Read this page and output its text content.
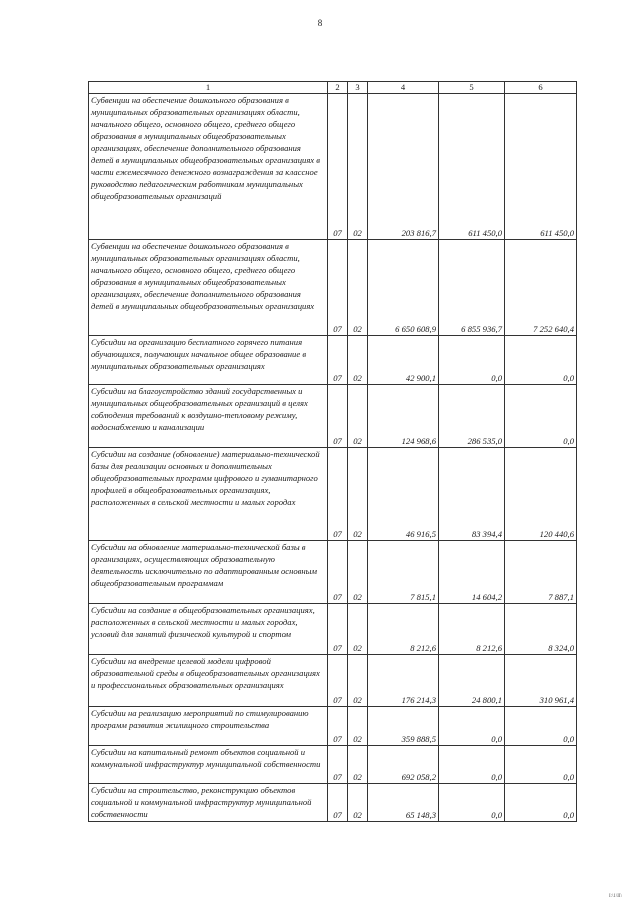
8
1	2	3	4	5	6
Субвенции на обеспечение дошкольного образования в муниципальных образовательных организациях области, начального общего, основного общего, среднего общего образования в муниципальных общеобразовательных организациях, обеспечение дополнительного образования детей в муниципальных общеобразовательных организациях в части ежемесячного денежного вознаграждения за классное руководство педагогическим работникам муниципальных общеобразовательных организаций	07	02	203 816,7	611 450,0	611 450,0
Субвенции на обеспечение дошкольного образования в муниципальных образовательных организациях области, начального общего, основного общего, среднего общего образования в муниципальных общеобразовательных организациях, обеспечение дополнительного образования детей в муниципальных общеобразовательных организациях	07	02	6 650 608,9	6 855 936,7	7 252 640,4
Субсидии на организацию бесплатного горячего питания обучающихся, получающих начальное общее образование в муниципальных образовательных организациях	07	02	42 900,1	0,0	0,0
Субсидии на благоустройство зданий государственных и муниципальных общеобразовательных организаций в целях соблюдения требований к воздушно-тепловому режиму, водоснабжению и канализации	07	02	124 968,6	286 535,0	0,0
Субсидии на создание (обновление) материально-технической базы для реализации основных и дополнительных общеобразовательных программ цифрового и гуманитарного профилей в общеобразовательных организациях, расположенных в сельской местности и малых городах	07	02	46 916,5	83 394,4	120 440,6
Субсидии на обновление материально-технической базы в организациях, осуществляющих образовательную деятельность исключительно по адаптированным основным общеобразовательным программам	07	02	7 815,1	14 604,2	7 887,1
Субсидии на создание в общеобразовательных организациях, расположенных в сельской местности и малых городах, условий для занятий физической культурой и спортом	07	02	8 212,6	8 212,6	8 324,0
Субсидии на внедрение целевой модели цифровой образовательной среды в общеобразовательных организациях и профессиональных образовательных организациях	07	02	176 214,3	24 800,1	310 961,4
Субсидии на реализацию мероприятий по стимулированию программ развития жилищного строительства	07	02	359 888,5	0,0	0,0
Субсидии на капитальный ремонт объектов социальной и коммунальной инфраструктур муниципальной собственности	07	02	692 058,2	0,0	0,0
Субсидии на строительство, реконструкцию объектов социальной и коммунальной инфраструктур муниципальной собственности	07	02	65 148,3	0,0	0,0
I:\1\II\
